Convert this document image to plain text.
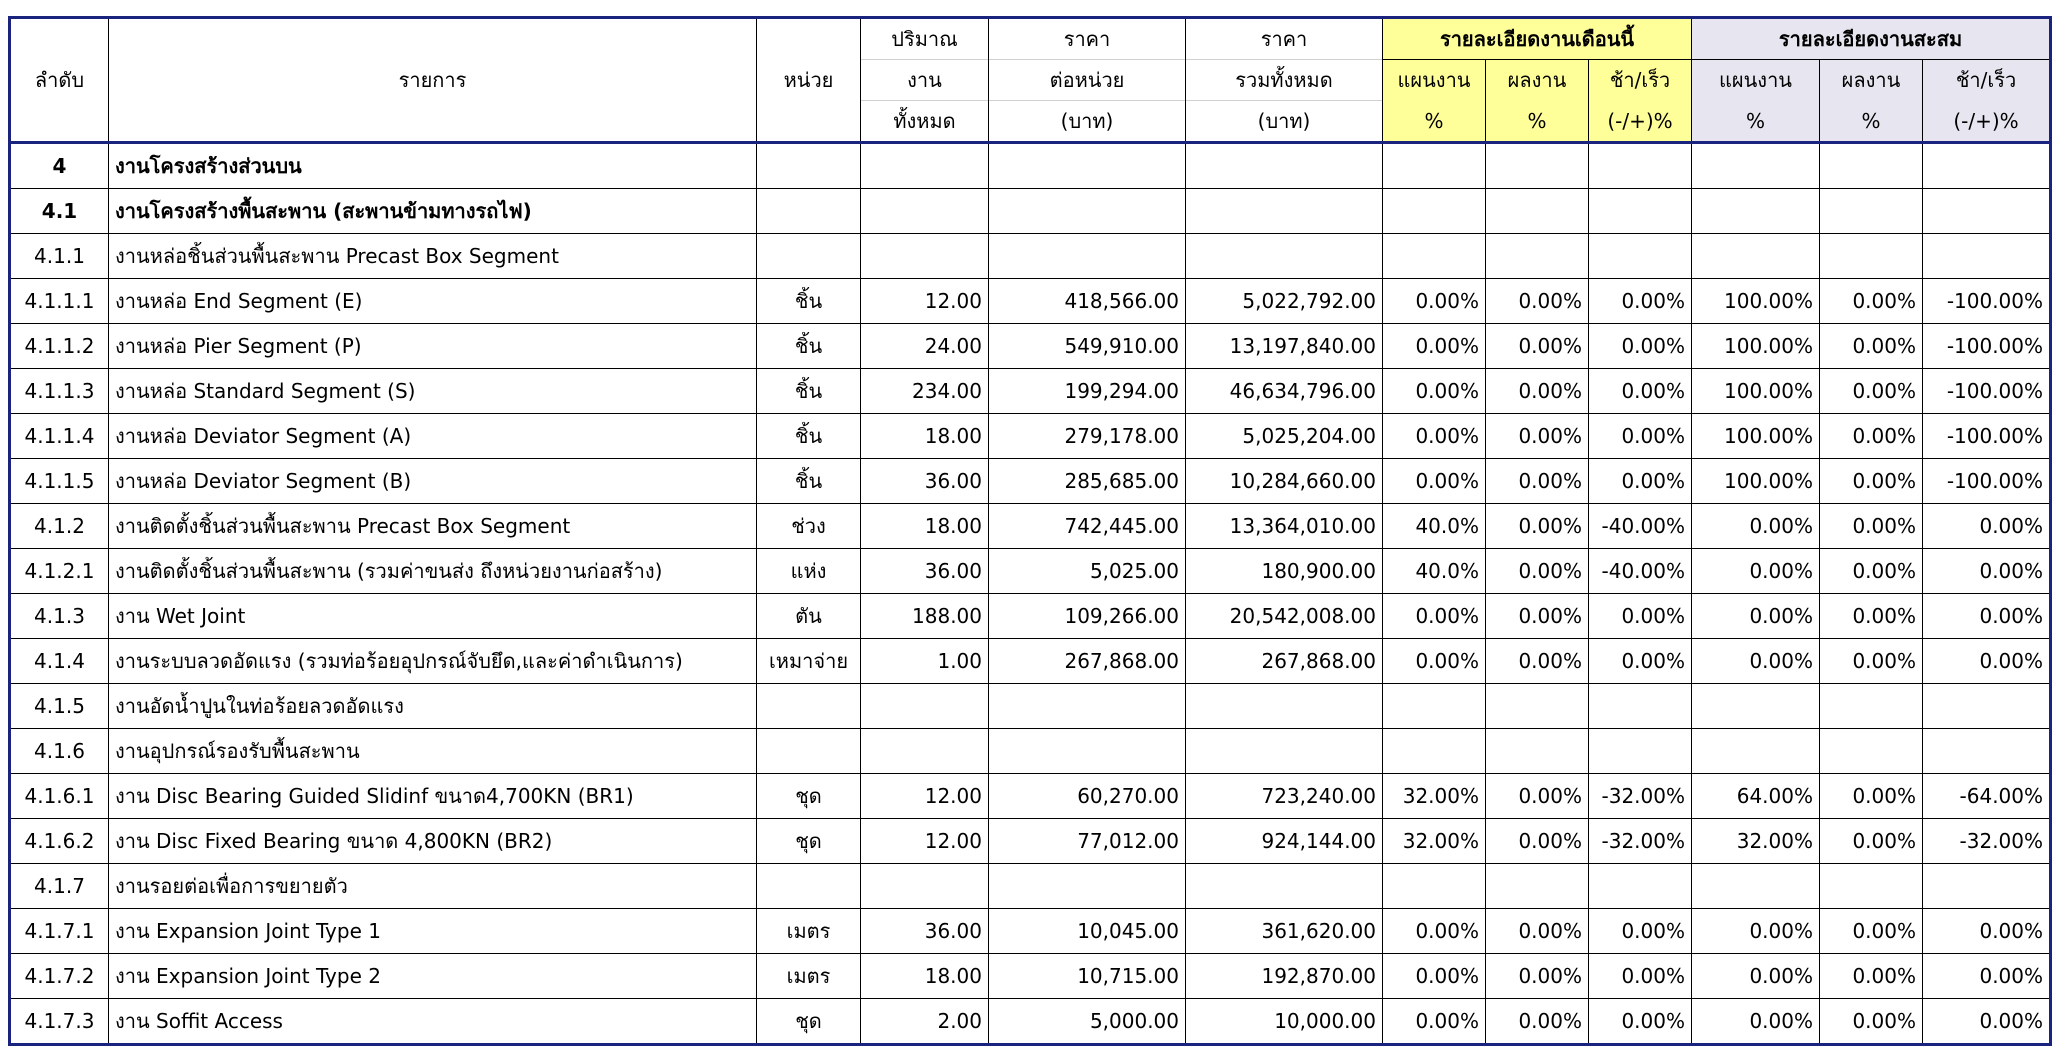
ลำดับ	รายการ	หน่วย	ปริมาณ	ราคา	ราคา	รายละเอียดงานเดือนนี้			รายละเอียดงานสะสม		
			งาน	ต่อหน่วย	รวมทั้งหมด	แผนงาน	ผลงาน	ช้า/เร็ว	แผนงาน	ผลงาน	ช้า/เร็ว
			ทั้งหมด	(บาท)	(บาท)	%	%	(-/+)%	%	%	(-/+)%
4	งานโครงสร้างส่วนบน										
4.1	งานโครงสร้างพื้นสะพาน (สะพานข้ามทางรถไฟ)										
4.1.1	งานหล่อชิ้นส่วนพื้นสะพาน Precast Box Segment										
4.1.1.1	งานหล่อ End Segment (E)	ชิ้น	12.00	418,566.00	5,022,792.00	0.00%	0.00%	0.00%	100.00%	0.00%	-100.00%
4.1.1.2	งานหล่อ Pier Segment (P)	ชิ้น	24.00	549,910.00	13,197,840.00	0.00%	0.00%	0.00%	100.00%	0.00%	-100.00%
4.1.1.3	งานหล่อ Standard Segment (S)	ชิ้น	234.00	199,294.00	46,634,796.00	0.00%	0.00%	0.00%	100.00%	0.00%	-100.00%
4.1.1.4	งานหล่อ Deviator Segment (A)	ชิ้น	18.00	279,178.00	5,025,204.00	0.00%	0.00%	0.00%	100.00%	0.00%	-100.00%
4.1.1.5	งานหล่อ Deviator Segment (B)	ชิ้น	36.00	285,685.00	10,284,660.00	0.00%	0.00%	0.00%	100.00%	0.00%	-100.00%
4.1.2	งานติดตั้งชิ้นส่วนพื้นสะพาน Precast Box Segment	ช่วง	18.00	742,445.00	13,364,010.00	40.0%	0.00%	-40.00%	0.00%	0.00%	0.00%
4.1.2.1	งานติดตั้งชิ้นส่วนพื้นสะพาน (รวมค่าขนส่ง ถึงหน่วยงานก่อสร้าง)	แห่ง	36.00	5,025.00	180,900.00	40.0%	0.00%	-40.00%	0.00%	0.00%	0.00%
4.1.3	งาน Wet Joint	ตัน	188.00	109,266.00	20,542,008.00	0.00%	0.00%	0.00%	0.00%	0.00%	0.00%
4.1.4	งานระบบลวดอัดแรง (รวมท่อร้อยอุปกรณ์จับยึด,และค่าดำเนินการ)	เหมาจ่าย	1.00	267,868.00	267,868.00	0.00%	0.00%	0.00%	0.00%	0.00%	0.00%
4.1.5	งานอัดน้ำปูนในท่อร้อยลวดอัดแรง										
4.1.6	งานอุปกรณ์รองรับพื้นสะพาน										
4.1.6.1	งาน Disc Bearing Guided Slidinf ขนาด4,700KN (BR1)	ชุด	12.00	60,270.00	723,240.00	32.00%	0.00%	-32.00%	64.00%	0.00%	-64.00%
4.1.6.2	งาน Disc Fixed Bearing ขนาด 4,800KN (BR2)	ชุด	12.00	77,012.00	924,144.00	32.00%	0.00%	-32.00%	32.00%	0.00%	-32.00%
4.1.7	งานรอยต่อเพื่อการขยายตัว										
4.1.7.1	งาน Expansion Joint Type 1	เมตร	36.00	10,045.00	361,620.00	0.00%	0.00%	0.00%	0.00%	0.00%	0.00%
4.1.7.2	งาน Expansion Joint Type 2	เมตร	18.00	10,715.00	192,870.00	0.00%	0.00%	0.00%	0.00%	0.00%	0.00%
4.1.7.3	งาน Soffit Access	ชุด	2.00	5,000.00	10,000.00	0.00%	0.00%	0.00%	0.00%	0.00%	0.00%
